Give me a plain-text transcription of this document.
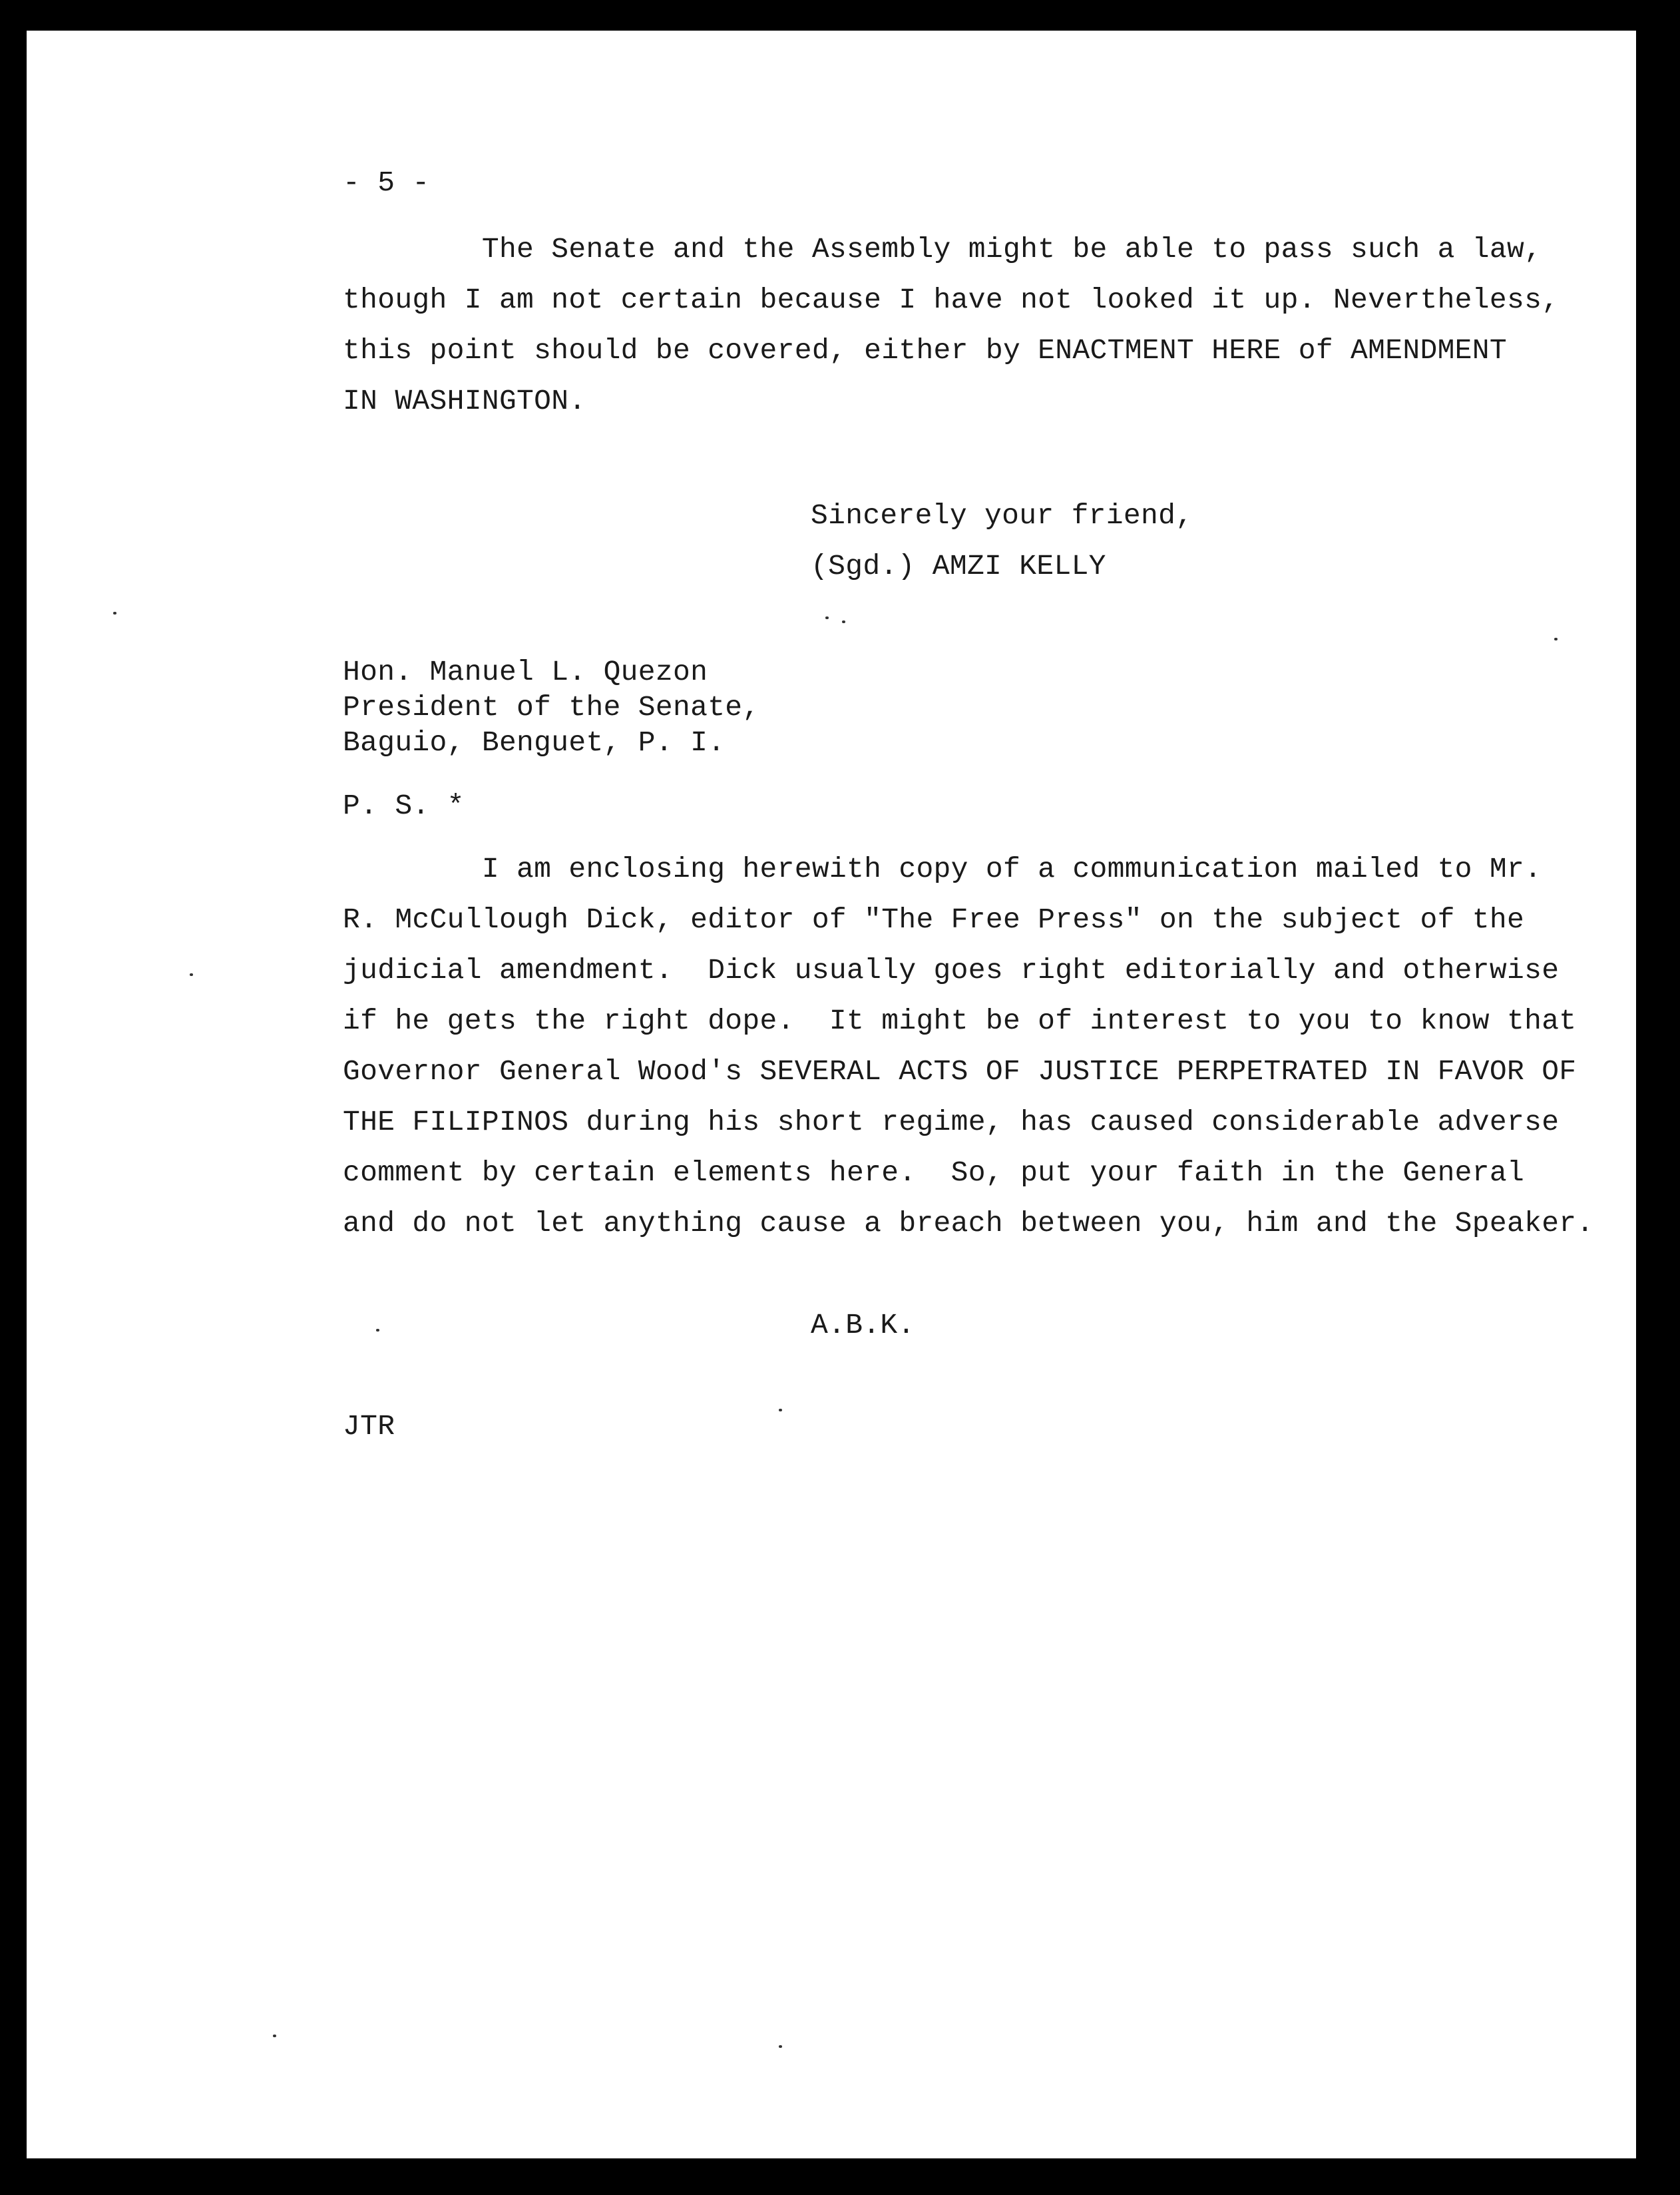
- 5 -
The Senate and the Assembly might be able to pass such a law,
though I am not certain because I have not looked it up. Nevertheless,
this point should be covered, either by ENACTMENT HERE of AMENDMENT
IN WASHINGTON.
Sincerely your friend,
(Sgd.) AMZI KELLY
Hon. Manuel L. Quezon
President of the Senate,
Baguio, Benguet, P. I.
P. S. *
I am enclosing herewith copy of a communication mailed to Mr.
R. McCullough Dick, editor of "The Free Press" on the subject of the
judicial amendment.  Dick usually goes right editorially and otherwise
if he gets the right dope.  It might be of interest to you to know that
Governor General Wood's SEVERAL ACTS OF JUSTICE PERPETRATED IN FAVOR OF
THE FILIPINOS during his short regime, has caused considerable adverse
comment by certain elements here.  So, put your faith in the General
and do not let anything cause a breach between you, him and the Speaker.
A.B.K.
JTR
